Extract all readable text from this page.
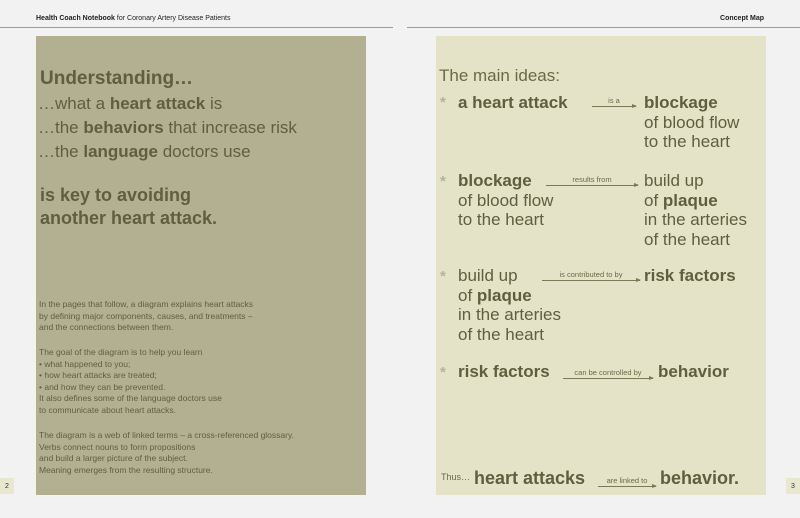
Health Coach Notebook for Coronary Artery Disease Patients	Concept Map
Understanding…
…what a heart attack is
…the behaviors that increase risk
…the language doctors use
is key to avoiding
another heart attack.
In the pages that follow, a diagram explains heart attacks
by defining major components, causes, and treatments –
and the connections between them.
The goal of the diagram is to help you learn
• what happened to you;
• how heart attacks are treated;
• and how they can be prevented.
It also defines some of the language doctors use
to communicate about heart attacks.
The diagram is a web of linked terms – a cross-referenced glossary.
Verbs connect nouns to form propositions
and build a larger picture of the subject.
Meaning emerges from the resulting structure.
2
The main ideas:
* a heart attack	is a	blockage
of blood flow
to the heart
* blockage
of blood flow
to the heart
results from	build up
of plaque
in the arteries
of the heart
* build up
of plaque
in the arteries
of the heart
is contributed to by	risk factors
* risk factors	can be controlled by behavior
Thus… heart attacks	are linked to behavior.	3
